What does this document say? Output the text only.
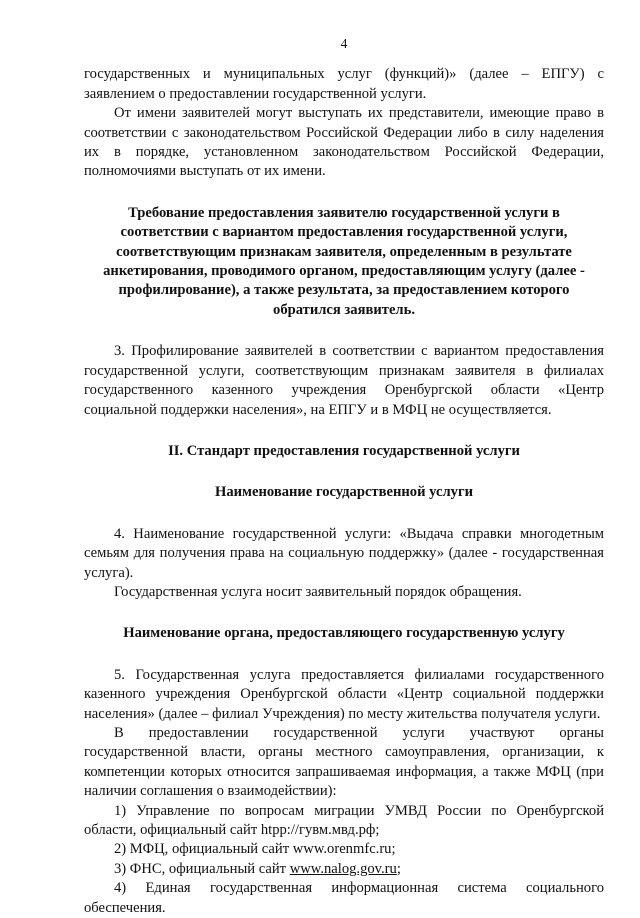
4

государственных и муниципальных услуг (функций)» (далее – ЕПГУ) с заявлением о предоставлении государственной услуги.

От имени заявителей могут выступать их представители, имеющие право в соответствии с законодательством Российской Федерации либо в силу наделения их в порядке, установленном законодательством Российской Федерации, полномочиями выступать от их имени.

Требование предоставления заявителю государственной услуги в соответствии с вариантом предоставления государственной услуги, соответствующим признакам заявителя, определенным в результате анкетирования, проводимого органом, предоставляющим услугу (далее - профилирование), а также результата, за предоставлением которого обратился заявитель.

3. Профилирование заявителей в соответствии с вариантом предоставления государственной услуги, соответствующим признакам заявителя в филиалах государственного казенного учреждения Оренбургской области «Центр социальной поддержки населения», на ЕПГУ и в МФЦ не осуществляется.

II. Стандарт предоставления государственной услуги

Наименование государственной услуги

4. Наименование государственной услуги: «Выдача справки многодетным семьям для получения права на социальную поддержку» (далее - государственная услуга).

Государственная услуга носит заявительный порядок обращения.

Наименование органа, предоставляющего государственную услугу

5. Государственная услуга предоставляется филиалами государственного казенного учреждения Оренбургской области «Центр социальной поддержки населения» (далее – филиал Учреждения) по месту жительства получателя услуги.

В предоставлении государственной услуги участвуют органы государственной власти, органы местного самоуправления, организации, к компетенции которых относится запрашиваемая информация, а также МФЦ (при наличии соглашения о взаимодействии):

1) Управление по вопросам миграции УМВД России по Оренбургской области, официальный сайт htpp://гувм.мвд.рф;

2) МФЦ, официальный сайт www.orenmfc.ru;

3) ФНС, официальный сайт www.nalog.gov.ru;

4) Единая государственная информационная система социального обеспечения.
